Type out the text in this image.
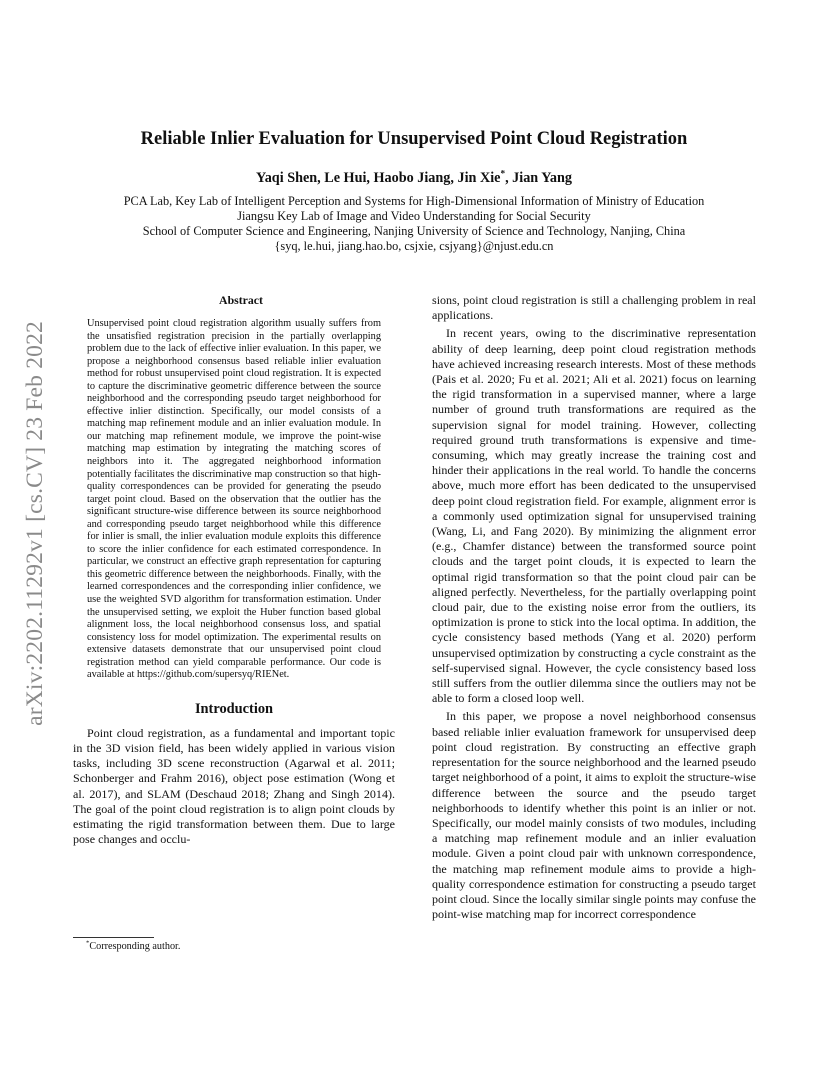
arXiv:2202.11292v1 [cs.CV] 23 Feb 2022
Reliable Inlier Evaluation for Unsupervised Point Cloud Registration
Yaqi Shen, Le Hui, Haobo Jiang, Jin Xie*, Jian Yang
PCA Lab, Key Lab of Intelligent Perception and Systems for High-Dimensional Information of Ministry of Education
Jiangsu Key Lab of Image and Video Understanding for Social Security
School of Computer Science and Engineering, Nanjing University of Science and Technology, Nanjing, China
{syq, le.hui, jiang.hao.bo, csjxie, csjyang}@njust.edu.cn
Abstract

Unsupervised point cloud registration algorithm usually suffers from the unsatisfied registration precision in the partially overlapping problem due to the lack of effective inlier evaluation. In this paper, we propose a neighborhood consensus based reliable inlier evaluation method for robust unsupervised point cloud registration. It is expected to capture the discriminative geometric difference between the source neighborhood and the corresponding pseudo target neighborhood for effective inlier distinction. Specifically, our model consists of a matching map refinement module and an inlier evaluation module. In our matching map refinement module, we improve the point-wise matching map estimation by integrating the matching scores of neighbors into it. The aggregated neighborhood information potentially facilitates the discriminative map construction so that high-quality correspondences can be provided for generating the pseudo target point cloud. Based on the observation that the outlier has the significant structure-wise difference between its source neighborhood and corresponding pseudo target neighborhood while this difference for inlier is small, the inlier evaluation module exploits this difference to score the inlier confidence for each estimated correspondence. In particular, we construct an effective graph representation for capturing this geometric difference between the neighborhoods. Finally, with the learned correspondences and the corresponding inlier confidence, we use the weighted SVD algorithm for transformation estimation. Under the unsupervised setting, we exploit the Huber function based global alignment loss, the local neighborhood consensus loss, and spatial consistency loss for model optimization. The experimental results on extensive datasets demonstrate that our unsupervised point cloud registration method can yield comparable performance. Our code is available at https://github.com/supersyq/RIENet.

Introduction

Point cloud registration, as a fundamental and important topic in the 3D vision field, has been widely applied in various vision tasks, including 3D scene reconstruction (Agarwal et al. 2011; Schonberger and Frahm 2016), object pose estimation (Wong et al. 2017), and SLAM (Deschaud 2018; Zhang and Singh 2014). The goal of the point cloud registration is to align point clouds by estimating the rigid transformation between them. Due to large pose changes and occlu-

sions, point cloud registration is still a challenging problem in real applications.

In recent years, owing to the discriminative representation ability of deep learning, deep point cloud registration methods have achieved increasing research interests. Most of these methods (Pais et al. 2020; Fu et al. 2021; Ali et al. 2021) focus on learning the rigid transformation in a supervised manner, where a large number of ground truth transformations are required as the supervision signal for model training. However, collecting required ground truth transformations is expensive and time-consuming, which may greatly increase the training cost and hinder their applications in the real world. To handle the concerns above, much more effort has been dedicated to the unsupervised deep point cloud registration field. For example, alignment error is a commonly used optimization signal for unsupervised training (Wang, Li, and Fang 2020). By minimizing the alignment error (e.g., Chamfer distance) between the transformed source point clouds and the target point clouds, it is expected to learn the optimal rigid transformation so that the point cloud pair can be aligned perfectly. Nevertheless, for the partially overlapping point cloud pair, due to the existing noise error from the outliers, its optimization is prone to stick into the local optima. In addition, the cycle consistency based methods (Yang et al. 2020) perform unsupervised optimization by constructing a cycle constraint as the self-supervised signal. However, the cycle consistency based loss still suffers from the outlier dilemma since the outliers may not be able to form a closed loop well.

In this paper, we propose a novel neighborhood consensus based reliable inlier evaluation framework for unsupervised deep point cloud registration. By constructing an effective graph representation for the source neighborhood and the learned pseudo target neighborhood of a point, it aims to exploit the structure-wise difference between the source and the pseudo target neighborhoods to identify whether this point is an inlier or not. Specifically, our model mainly consists of two modules, including a matching map refinement module and an inlier evaluation module. Given a point cloud pair with unknown correspondence, the matching map refinement module aims to provide a high-quality correspondence estimation for constructing a pseudo target point cloud. Since the locally similar single points may confuse the point-wise matching map for incorrect correspondence

*Corresponding author.
